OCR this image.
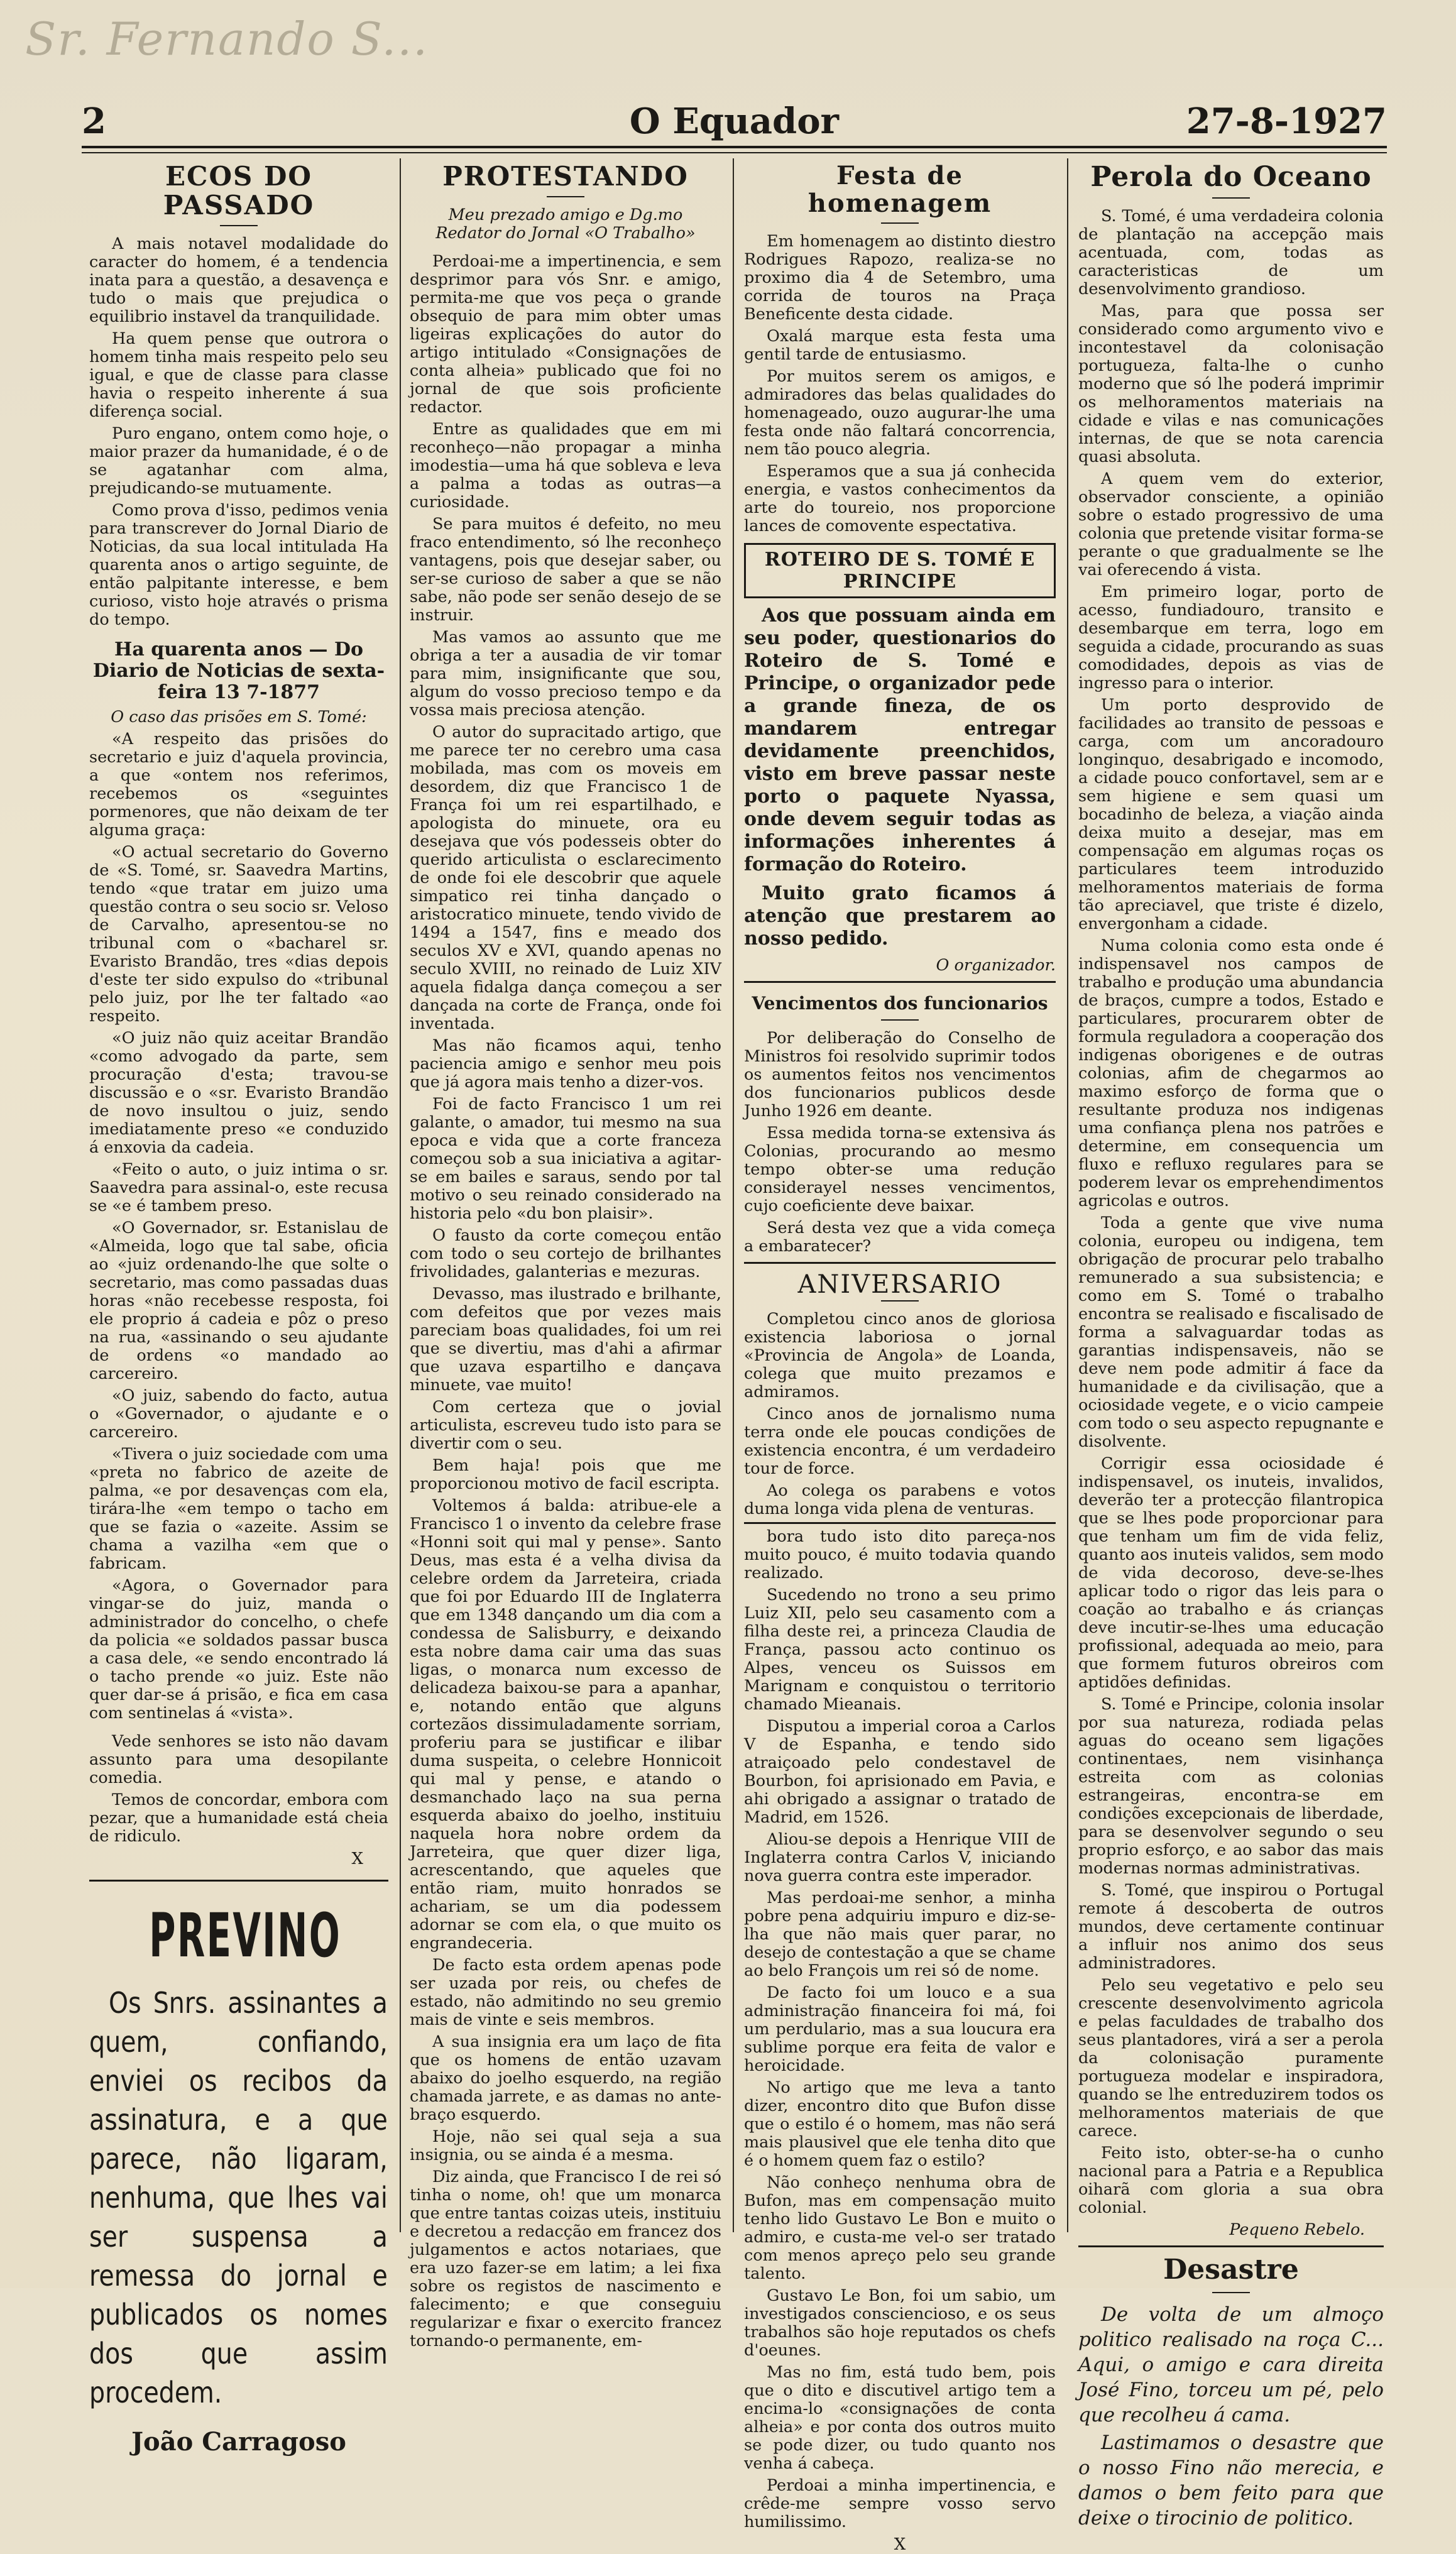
Sr. Fernando S...
2	O Equador	27-8-1927
ECOS DO PASSADO

A mais notavel modalidade do caracter do homem, é a tendencia inata para a questão, a desavença e tudo o mais que prejudica o equilibrio instavel da tranquilidade.

Ha quem pense que outrora o homem tinha mais respeito pelo seu igual, e que de classe para classe havia o respeito inherente á sua diferença social.

Puro engano, ontem como hoje, o maior prazer da humanidade, é o de se agatanhar com alma, prejudicando-se mutuamente.

Como prova d'isso, pedimos venia para transcrever do Jornal Diario de Noticias, da sua local intitulada Ha quarenta anos o artigo seguinte, de então palpitante interesse, e bem curioso, visto hoje através o prisma do tempo.

Ha quarenta anos — Do Diario de Noticias de sexta-feira 13 7-1877

O caso das prisões em S. Tomé:

«A respeito das prisões do secretario e juiz d'aquela provincia, a que «ontem nos referimos, recebemos os «seguintes pormenores, que não deixam de ter alguma graça:

«O actual secretario do Governo de «S. Tomé, sr. Saavedra Martins, tendo «que tratar em juizo uma questão contra o seu socio sr. Veloso de Carvalho, apresentou-se no tribunal com o «bacharel sr. Evaristo Brandão, tres «dias depois d'este ter sido expulso do «tribunal pelo juiz, por lhe ter faltado «ao respeito.

«O juiz não quiz aceitar Brandão «como advogado da parte, sem procuração d'esta; travou-se discussão e o «sr. Evaristo Brandão de novo insultou o juiz, sendo imediatamente preso «e conduzido á enxovia da cadeia.

«Feito o auto, o juiz intima o sr. Saavedra para assinal-o, este recusa se «e é tambem preso.

«O Governador, sr. Estanislau de «Almeida, logo que tal sabe, oficia ao «juiz ordenando-lhe que solte o secretario, mas como passadas duas horas «não recebesse resposta, foi ele proprio á cadeia e pôz o preso na rua, «assinando o seu ajudante de ordens «o mandado ao carcereiro.

«O juiz, sabendo do facto, autua o «Governador, o ajudante e o carcereiro.

«Tivera o juiz sociedade com uma «preta no fabrico de azeite de palma, «e por desavenças com ela, tirára-lhe «em tempo o tacho em que se fazia o «azeite. Assim se chama a vazilha «em que o fabricam.

«Agora, o Governador para vingar-se do juiz, manda o administrador do concelho, o chefe da policia «e soldados passar busca a casa dele, «e sendo encontrado lá o tacho prende «o juiz. Este não quer dar-se á prisão, e fica em casa com sentinelas á «vista».

Vede senhores se isto não davam assunto para uma desopilante comedia.

Temos de concordar, embora com pezar, que a humanidade está cheia de ridiculo.

X
PREVINO

Os Snrs. assinantes a quem, confiando, enviei os recibos da assinatura, e a que parece, não ligaram, nenhuma, que lhes vai ser suspensa a remessa do jornal e publicados os nomes dos que assim procedem.

João Carragoso
PROTESTANDO

Meu prezado amigo e Dg.mo Redator do Jornal «O Trabalho»

Perdoai-me a impertinencia, e sem desprimor para vós Snr. e amigo, permita-me que vos peça o grande obsequio de para mim obter umas ligeiras explicações do autor do artigo intitulado «Consignações de conta alheia» publicado que foi no jornal de que sois proficiente redactor.

Entre as qualidades que em mi reconheço—não propagar a minha imodestia—uma há que sobleva e leva a palma a todas as outras—a curiosidade.

Se para muitos é defeito, no meu fraco entendimento, só lhe reconheço vantagens, pois que desejar saber, ou ser-se curioso de saber a que se não sabe, não pode ser senão desejo de se instruir.

Mas vamos ao assunto que me obriga a ter a ausadia de vir tomar para mim, insignificante que sou, algum do vosso precioso tempo e da vossa mais preciosa atenção.

O autor do supracitado artigo, que me parece ter no cerebro uma casa mobilada, mas com os moveis em desordem, diz que Francisco 1 de França foi um rei espartilhado, e apologista do minuete, ora eu desejava que vós podesseis obter do querido articulista o esclarecimento de onde foi ele descobrir que aquele simpatico rei tinha dançado o aristocratico minuete, tendo vivido de 1494 a 1547, fins e meado dos seculos XV e XVI, quando apenas no seculo XVIII, no reinado de Luiz XIV aquela fidalga dança começou a ser dançada na corte de França, onde foi inventada.

Mas não ficamos aqui, tenho paciencia amigo e senhor meu pois que já agora mais tenho a dizer-vos.

Foi de facto Francisco 1 um rei galante, o amador, tui mesmo na sua epoca e vida que a corte franceza começou sob a sua iniciativa a agitar-se em bailes e saraus, sendo por tal motivo o seu reinado considerado na historia pelo «du bon plaisir».

O fausto da corte começou então com todo o seu cortejo de brilhantes frivolidades, galanterias e mezuras.

Devasso, mas ilustrado e brilhante, com defeitos que por vezes mais pareciam boas qualidades, foi um rei que se divertiu, mas d'ahi a afirmar que uzava espartilho e dançava minuete, vae muito!

Com certeza que o jovial articulista, escreveu tudo isto para se divertir com o seu.

Bem haja! pois que me proporcionou motivo de facil escripta.

Voltemos á balda: atribue-ele a Francisco 1 o invento da celebre frase «Honni soit qui mal y pense». Santo Deus, mas esta é a velha divisa da celebre ordem da Jarreteira, criada que foi por Eduardo III de Inglaterra que em 1348 dançando um dia com a condessa de Salisburry, e deixando esta nobre dama cair uma das suas ligas, o monarca num excesso de delicadeza baixou-se para a apanhar, e, notando então que alguns cortezãos dissimuladamente sorriam, proferiu para se justificar e ilibar duma suspeita, o celebre Honnicoit qui mal y pense, e atando o desmanchado laço na sua perna esquerda abaixo do joelho, instituiu naquela hora nobre ordem da Jarreteira, que quer dizer liga, acrescentando, que aqueles que então riam, muito honrados se achariam, se um dia podessem adornar se com ela, o que muito os engrandeceria.

De facto esta ordem apenas pode ser uzada por reis, ou chefes de estado, não admitindo no seu gremio mais de vinte e seis membros.

A sua insignia era um laço de fita que os homens de então uzavam abaixo do joelho esquerdo, na região chamada jarrete, e as damas no ante-braço esquerdo.

Hoje, não sei qual seja a sua insignia, ou se ainda é a mesma.

Diz ainda, que Francisco I de rei só tinha o nome, oh! que um monarca que entre tantas coizas uteis, instituiu e decretou a redacção em francez dos julgamentos e actos notariaes, que era uzo fazer-se em latim; a lei fixa sobre os registos de nascimento e falecimento; e que conseguiu regularizar e fixar o exercito francez tornando-o permanente, em-

Festa de homenagem

Em homenagem ao distinto diestro Rodrigues Rapozo, realiza-se no proximo dia 4 de Setembro, uma corrida de touros na Praça Beneficente desta cidade.

Oxalá marque esta festa uma gentil tarde de entusiasmo.

Por muitos serem os amigos, e admiradores das belas qualidades do homenageado, ouzo augurar-lhe uma festa onde não faltará concorrencia, nem tão pouco alegria.

Esperamos que a sua já conhecida energia, e vastos conhecimentos da arte do toureio, nos proporcione lances de comovente espectativa.

ROTEIRO DE S. TOMÉ E PRINCIPE

Aos que possuam ainda em seu poder, questionarios do Roteiro de S. Tomé e Principe, o organizador pede a grande fineza, de os mandarem entregar devidamente preenchidos, visto em breve passar neste porto o paquete Nyassa, onde devem seguir todas as informações inherentes á formação do Roteiro.

Muito grato ficamos á atenção que prestarem ao nosso pedido.

O organizador.

Vencimentos dos funcionarios

Por deliberação do Conselho de Ministros foi resolvido suprimir todos os aumentos feitos nos vencimentos dos funcionarios publicos desde Junho 1926 em deante.

Essa medida torna-se extensiva ás Colonias, procurando ao mesmo tempo obter-se uma redução considerayel nesses vencimentos, cujo coeficiente deve baixar.

Será desta vez que a vida começa a embaratecer?

ANIVERSARIO

Completou cinco anos de gloriosa existencia laboriosa o jornal «Provincia de Angola» de Loanda, colega que muito prezamos e admiramos.

Cinco anos de jornalismo numa terra onde ele poucas condições de existencia encontra, é um verdadeiro tour de force.

Ao colega os parabens e votos duma longa vida plena de venturas.

bora tudo isto dito pareça-nos muito pouco, é muito todavia quando realizado.

Sucedendo no trono a seu primo Luiz XII, pelo seu casamento com a filha deste rei, a princeza Claudia de França, passou acto continuo os Alpes, venceu os Suissos em Marignam e conquistou o territorio chamado Mieanais.

Disputou a imperial coroa a Carlos V de Espanha, e tendo sido atraiçoado pelo condestavel de Bourbon, foi aprisionado em Pavia, e ahi obrigado a assignar o tratado de Madrid, em 1526.

Aliou-se depois a Henrique VIII de Inglaterra contra Carlos V, iniciando nova guerra contra este imperador.

Mas perdoai-me senhor, a minha pobre pena adquiriu impuro e diz-se-lha que não mais quer parar, no desejo de contestação a que se chame ao belo François um rei só de nome.

De facto foi um louco e a sua administração financeira foi má, foi um perdulario, mas a sua loucura era sublime porque era feita de valor e heroicidade.

No artigo que me leva a tanto dizer, encontro dito que Bufon disse que o estilo é o homem, mas não será mais plausivel que ele tenha dito que é o homem quem faz o estilo?

Não conheço nenhuma obra de Bufon, mas em compensação muito tenho lido Gustavo Le Bon e muito o admiro, e custa-me vel-o ser tratado com menos apreço pelo seu grande talento.

Gustavo Le Bon, foi um sabio, um investigados consciencioso, e os seus trabalhos são hoje reputados os chefs d'oeunes.

Mas no fim, está tudo bem, pois que o dito e discutivel artigo tem a encima-lo «consignações de conta alheia» e por conta dos outros muito se pode dizer, ou tudo quanto nos venha á cabeça.

Perdoai a minha impertinencia, e crêde-me sempre vosso servo humilissimo.

X
Perola do Oceano

S. Tomé, é uma verdadeira colonia de plantação na accepção mais acentuada, com, todas as caracteristicas de um desenvolvimento grandioso.

Mas, para que possa ser considerado como argumento vivo e incontestavel da colonisação portugueza, falta-lhe o cunho moderno que só lhe poderá imprimir os melhoramentos materiais na cidade e vilas e nas comunicações internas, de que se nota carencia quasi absoluta.

A quem vem do exterior, observador consciente, a opinião sobre o estado progressivo de uma colonia que pretende visitar forma-se perante o que gradualmente se lhe vai oferecendo á vista.

Em primeiro logar, porto de acesso, fundiadouro, transito e desembarque em terra, logo em seguida a cidade, procurando as suas comodidades, depois as vias de ingresso para o interior.

Um porto desprovido de facilidades ao transito de pessoas e carga, com um ancoradouro longinquo, desabrigado e incomodo, a cidade pouco confortavel, sem ar e sem higiene e sem quasi um bocadinho de beleza, a viação ainda deixa muito a desejar, mas em compensação em algumas roças os particulares teem introduzido melhoramentos materiais de forma tão apreciavel, que triste é dizelo, envergonham a cidade.

Numa colonia como esta onde é indispensavel nos campos de trabalho e produção uma abundancia de braços, cumpre a todos, Estado e particulares, procurarem obter de formula reguladora a cooperação dos indigenas oborigenes e de outras colonias, afim de chegarmos ao maximo esforço de forma que o resultante produza nos indigenas uma confiança plena nos patrões e determine, em consequencia um fluxo e refluxo regulares para se poderem levar os emprehendimentos agricolas e outros.

Toda a gente que vive numa colonia, europeu ou indigena, tem obrigação de procurar pelo trabalho remunerado a sua subsistencia; e como em S. Tomé o trabalho encontra se realisado e fiscalisado de forma a salvaguardar todas as garantias indispensaveis, não se deve nem pode admitir á face da humanidade e da civilisação, que a ociosidade vegete, e o vicio campeie com todo o seu aspecto repugnante e disolvente.

Corrigir essa ociosidade é indispensavel, os inuteis, invalidos, deverão ter a protecção filantropica que se lhes pode proporcionar para que tenham um fim de vida feliz, quanto aos inuteis validos, sem modo de vida decoroso, deve-se-lhes aplicar todo o rigor das leis para o coação ao trabalho e ás crianças deve incutir-se-lhes uma educação profissional, adequada ao meio, para que formem futuros obreiros com aptidões definidas.

S. Tomé e Principe, colonia insolar por sua natureza, rodiada pelas aguas do oceano sem ligações continentaes, nem visinhança estreita com as colonias estrangeiras, encontra-se em condições excepcionais de liberdade, para se desenvolver segundo o seu proprio esforço, e ao sabor das mais modernas normas administrativas.

S. Tomé, que inspirou o Portugal remote á descoberta de outros mundos, deve certamente continuar a influir nos animo dos seus administradores.

Pelo seu vegetativo e pelo seu crescente desenvolvimento agricola e pelas faculdades de trabalho dos seus plantadores, virá a ser a perola da colonisação puramente portugueza modelar e inspiradora, quando se lhe entreduzirem todos os melhoramentos materiais de que carece.

Feito isto, obter-se-ha o cunho nacional para a Patria e a Republica oiharã com gloria a sua obra colonial.

Pequeno Rebelo.

Desastre

De volta de um almoço politico realisado na roça C... Aqui, o amigo e cara direita José Fino, torceu um pé, pelo que recolheu á cama.

Lastimamos o desastre que o nosso Fino não merecia, e damos o bem feito para que deixe o tirocinio de politico.
